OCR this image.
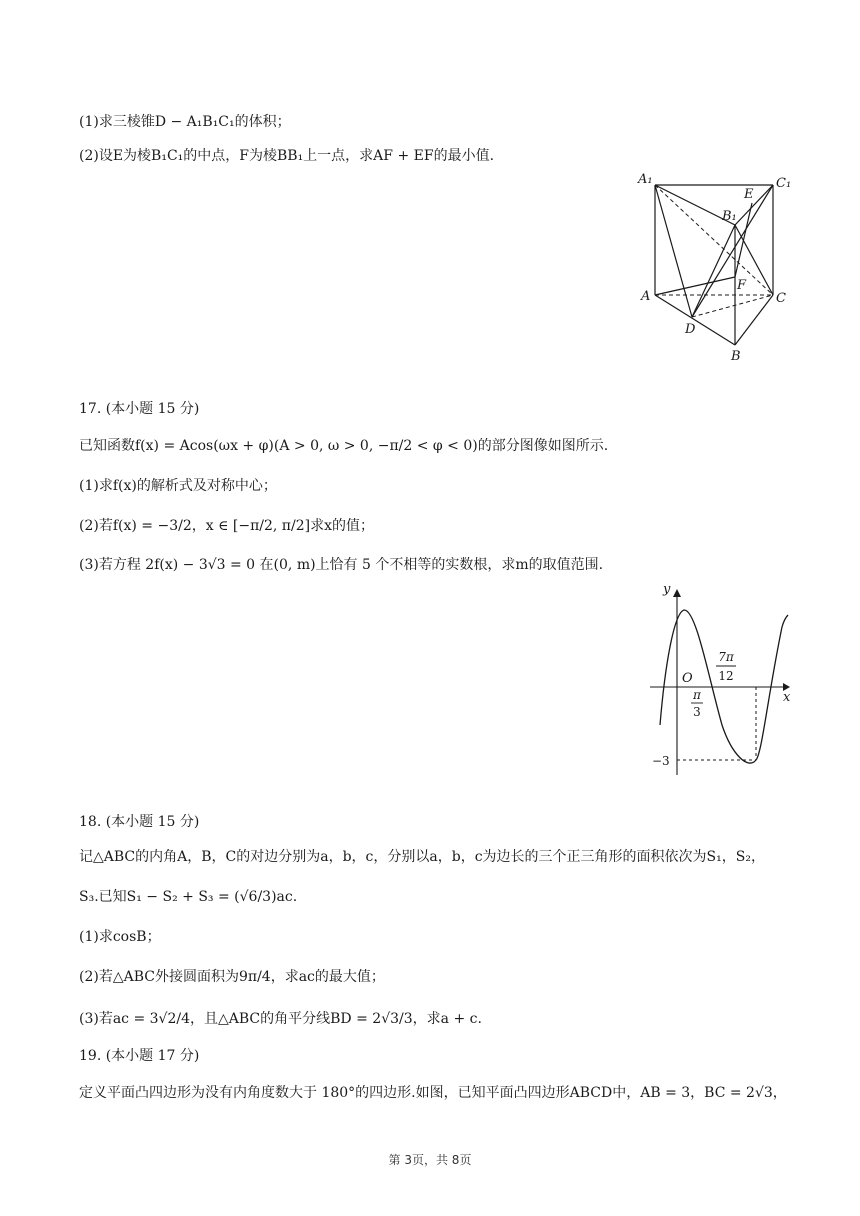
(1)求三棱锥D − A₁B₁C₁的体积；
(2)设E为棱B₁C₁的中点，F为棱BB₁上一点，求AF + EF的最小值.
A₁	C₁
E
B₁
F
A	C
D
B
17. (本小题 15 分)
已知函数f(x) = Acos(ωx + φ)(A > 0, ω > 0, −π/2 < φ < 0)的部分图像如图所示.
(1)求f(x)的解析式及对称中心；
(2)若f(x) = −3/2，x ∈ [−π/2, π/2]求x的值；
(3)若方程 2f(x) − 3√3 = 0 在(0, m)上恰有 5 个不相等的实数根，求m的取值范围.
y
x
O
π
3
7π
12
−3
18. (本小题 15 分)
记△ABC的内角A，B，C的对边分别为a，b，c，分别以a，b，c为边长的三个正三角形的面积依次为S₁，S₂，
S₃.已知S₁ − S₂ + S₃ = (√6/3)ac.
(1)求cosB；
(2)若△ABC外接圆面积为9π/4，求ac的最大值；
(3)若ac = 3√2/4，且△ABC的角平分线BD = 2√3/3，求a + c.
19. (本小题 17 分)
定义平面凸四边形为没有内角度数大于 180°的四边形.如图，已知平面凸四边形ABCD中，AB = 3，BC = 2√3，
第 3页，共 8页
